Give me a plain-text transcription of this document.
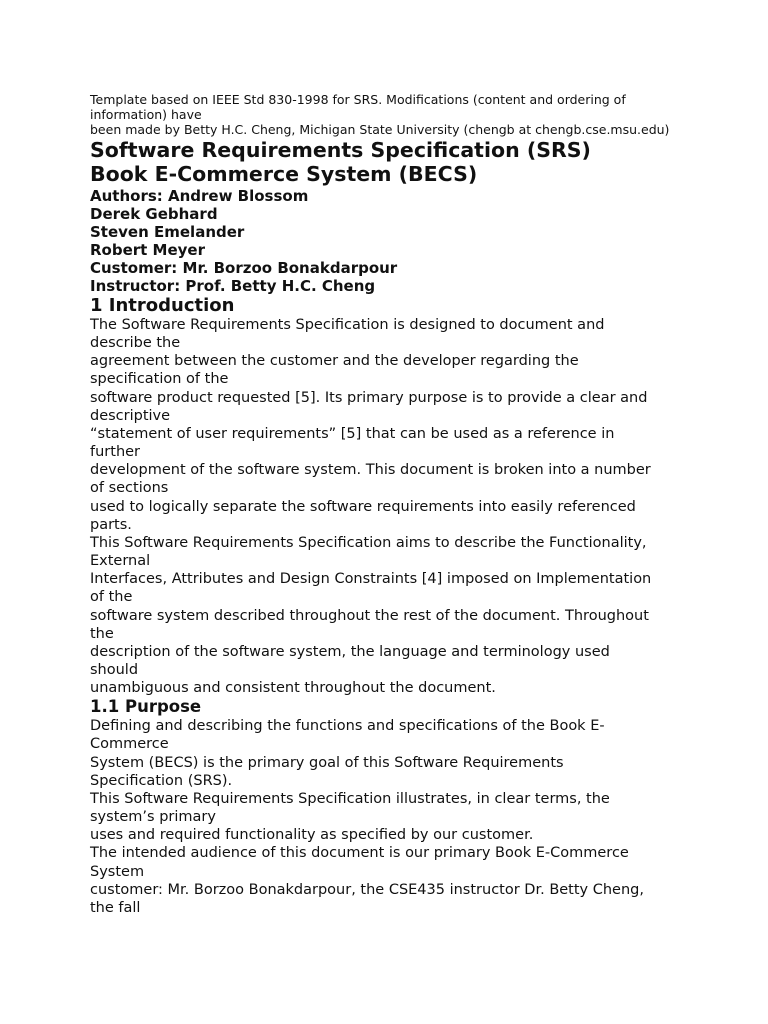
Template based on IEEE Std 830-1998 for SRS. Modifications (content and ordering of
information) have
been made by Betty H.C. Cheng, Michigan State University (chengb at chengb.cse.msu.edu)
Software Requirements Specification (SRS)
Book E-Commerce System (BECS)
Authors: Andrew Blossom
Derek Gebhard
Steven Emelander
Robert Meyer
Customer: Mr. Borzoo Bonakdarpour
Instructor: Prof. Betty H.C. Cheng
1 Introduction
The Software Requirements Specification is designed to document and
describe the
agreement between the customer and the developer regarding the
specification of the
software product requested [5]. Its primary purpose is to provide a clear and
descriptive
“statement of user requirements” [5] that can be used as a reference in
further
development of the software system. This document is broken into a number
of sections
used to logically separate the software requirements into easily referenced
parts.
This Software Requirements Specification aims to describe the Functionality,
External
Interfaces, Attributes and Design Constraints [4] imposed on Implementation
of the
software system described throughout the rest of the document. Throughout
the
description of the software system, the language and terminology used
should
unambiguous and consistent throughout the document.
1.1 Purpose
Defining and describing the functions and specifications of the Book E-
Commerce
System (BECS) is the primary goal of this Software Requirements
Specification (SRS).
This Software Requirements Specification illustrates, in clear terms, the
system’s primary
uses and required functionality as specified by our customer.
The intended audience of this document is our primary Book E-Commerce
System
customer: Mr. Borzoo Bonakdarpour, the CSE435 instructor Dr. Betty Cheng,
the fall
